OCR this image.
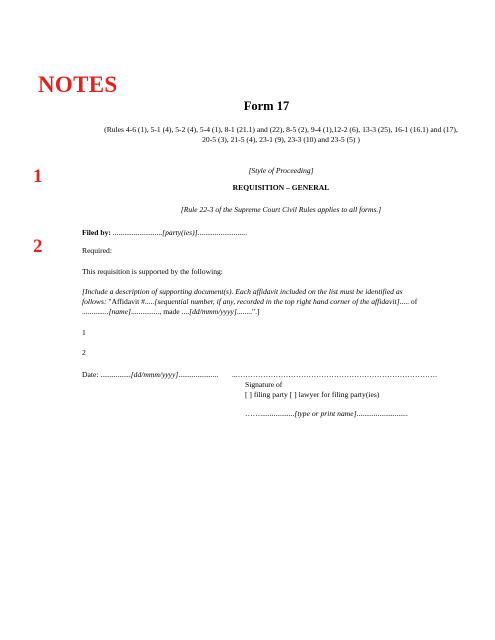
NOTES
1
2
Form 17
(Rules 4-6 (1), 5-1 (4), 5-2 (4), 5-4 (1), 8-1 (21.1) and (22), 8-5 (2), 9-4 (1),12-2 (6), 13-3 (25), 16-1 (16.1) and (17), 20-5 (3), 21-5 (4), 23-1 (9), 23-3 (10) and 23-5 (5) )
[Style of Proceeding]
REQUISITION – GENERAL
[Rule 22-3 of the Supreme Court Civil Rules applies to all forms.]
Filed by: ..........................[party(ies)]..........................
Required:
This requisition is supported by the following:
[Include a description of supporting document(s). Each affidavit included on the list must be identified as follows: "Affidavit #.....[sequential number, if any, recorded in the top right hand corner of the affidavit]..... of ..............[name]..............., made ....[dd/mmm/yyyy]........".]
1
2
Date: ................[dd/mmm/yyyy]..................... ...…………………………………………………………………….
Signature of
[ ] filing party [ ] lawyer for filing party(ies)
……..................[type or print name]...........................
